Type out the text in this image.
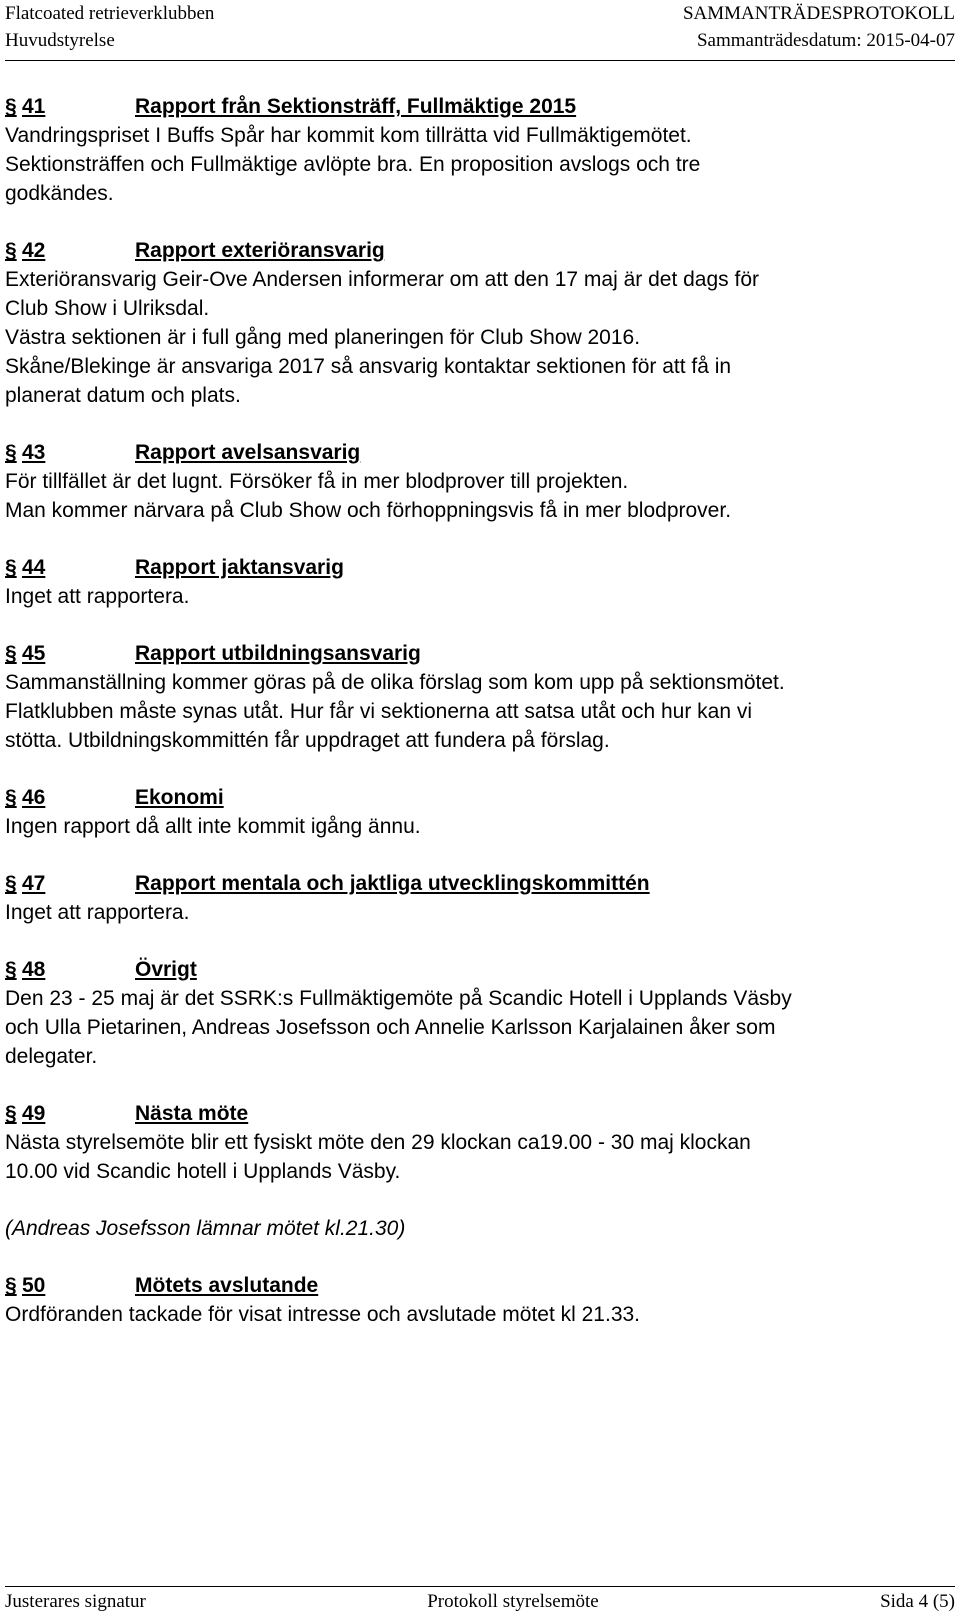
Flatcoated retrieverklubben	SAMMANTRÄDESPROTOKOLL
Huvudstyrelse	Sammanträdesdatum: 2015-04-07
§ 41	Rapport från Sektionsträff, Fullmäktige 2015

Vandringspriset I Buffs Spår har kommit kom tillrätta vid Fullmäktigemötet.

Sektionsträffen och Fullmäktige avlöpte bra. En proposition avslogs och tre

godkändes.

§ 42	Rapport exteriöransvarig

Exteriöransvarig Geir-Ove Andersen informerar om att den 17 maj är det dags för

Club Show i Ulriksdal.

Västra sektionen är i full gång med planeringen för Club Show 2016.

Skåne/Blekinge är ansvariga 2017 så ansvarig kontaktar sektionen för att få in

planerat datum och plats.

§ 43	Rapport avelsansvarig

För tillfället är det lugnt. Försöker få in mer blodprover till projekten.

Man kommer närvara på Club Show och förhoppningsvis få in mer blodprover.

§ 44	Rapport jaktansvarig

Inget att rapportera.

§ 45	Rapport utbildningsansvarig

Sammanställning kommer göras på de olika förslag som kom upp på sektionsmötet.

Flatklubben måste synas utåt. Hur får vi sektionerna att satsa utåt och hur kan vi

stötta. Utbildningskommittén får uppdraget att fundera på förslag.

§ 46	Ekonomi

Ingen rapport då allt inte kommit igång ännu.

§ 47	Rapport mentala och jaktliga utvecklingskommittén

Inget att rapportera.

§ 48	Övrigt

Den 23 - 25 maj är det SSRK:s Fullmäktigemöte på Scandic Hotell i Upplands Väsby

och Ulla Pietarinen, Andreas Josefsson och Annelie Karlsson Karjalainen åker som

delegater.

§ 49	Nästa möte

Nästa styrelsemöte blir ett fysiskt möte den 29 klockan ca19.00 - 30 maj klockan

10.00 vid Scandic hotell i Upplands Väsby.

(Andreas Josefsson lämnar mötet kl.21.30)

§ 50	Mötets avslutande

Ordföranden tackade för visat intresse och avslutade mötet kl 21.33.

Justerares signatur	Protokoll styrelsemöte	Sida 4 (5)
